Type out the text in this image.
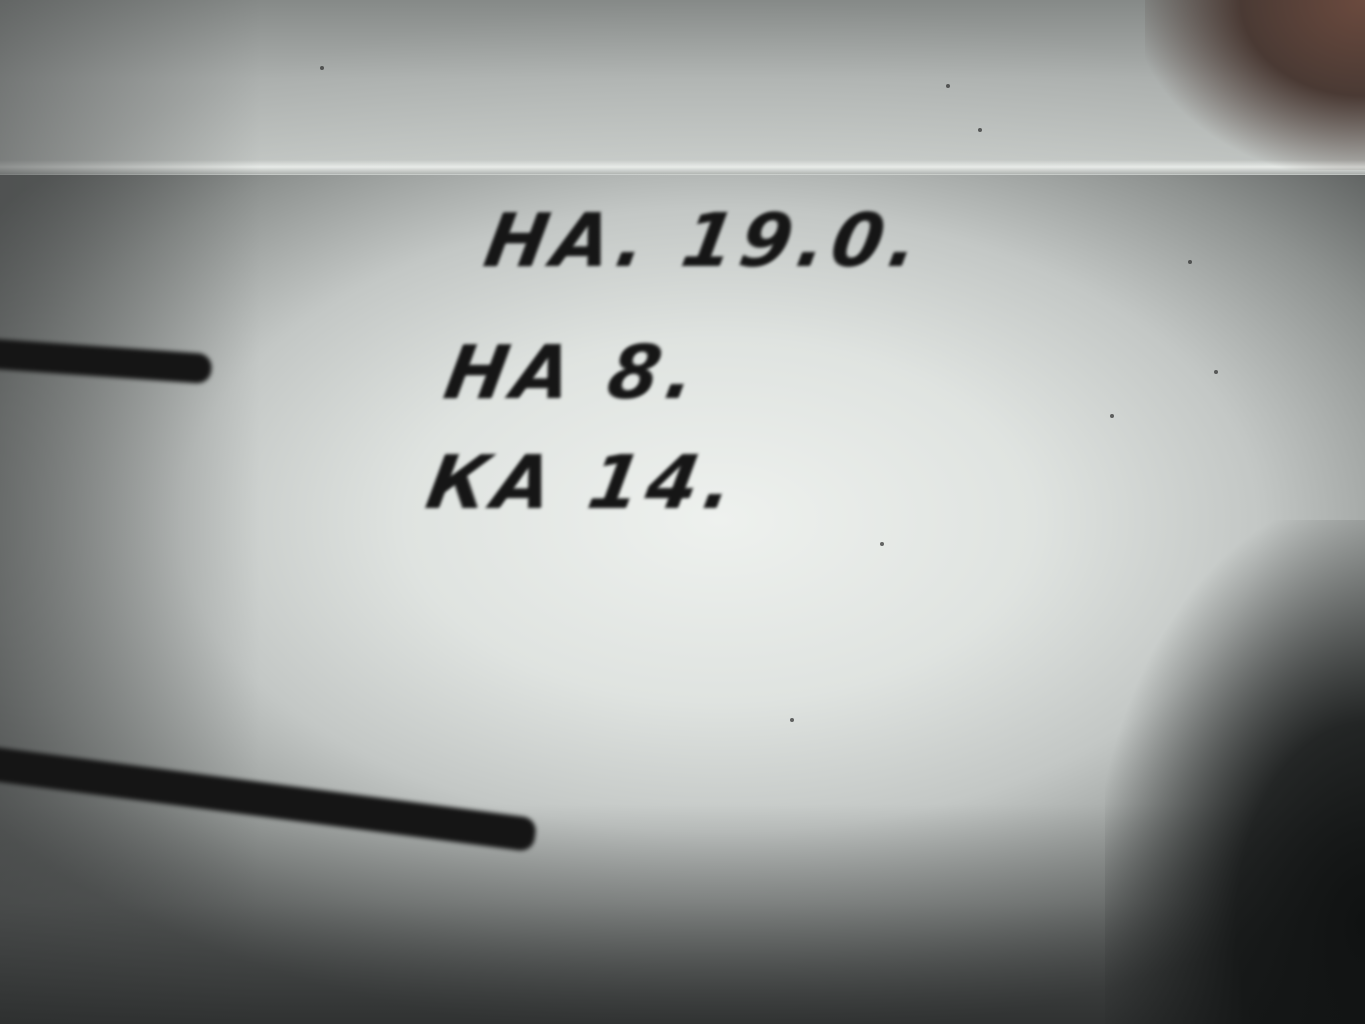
НА. 19.0.
НА 8.
КА 14.
